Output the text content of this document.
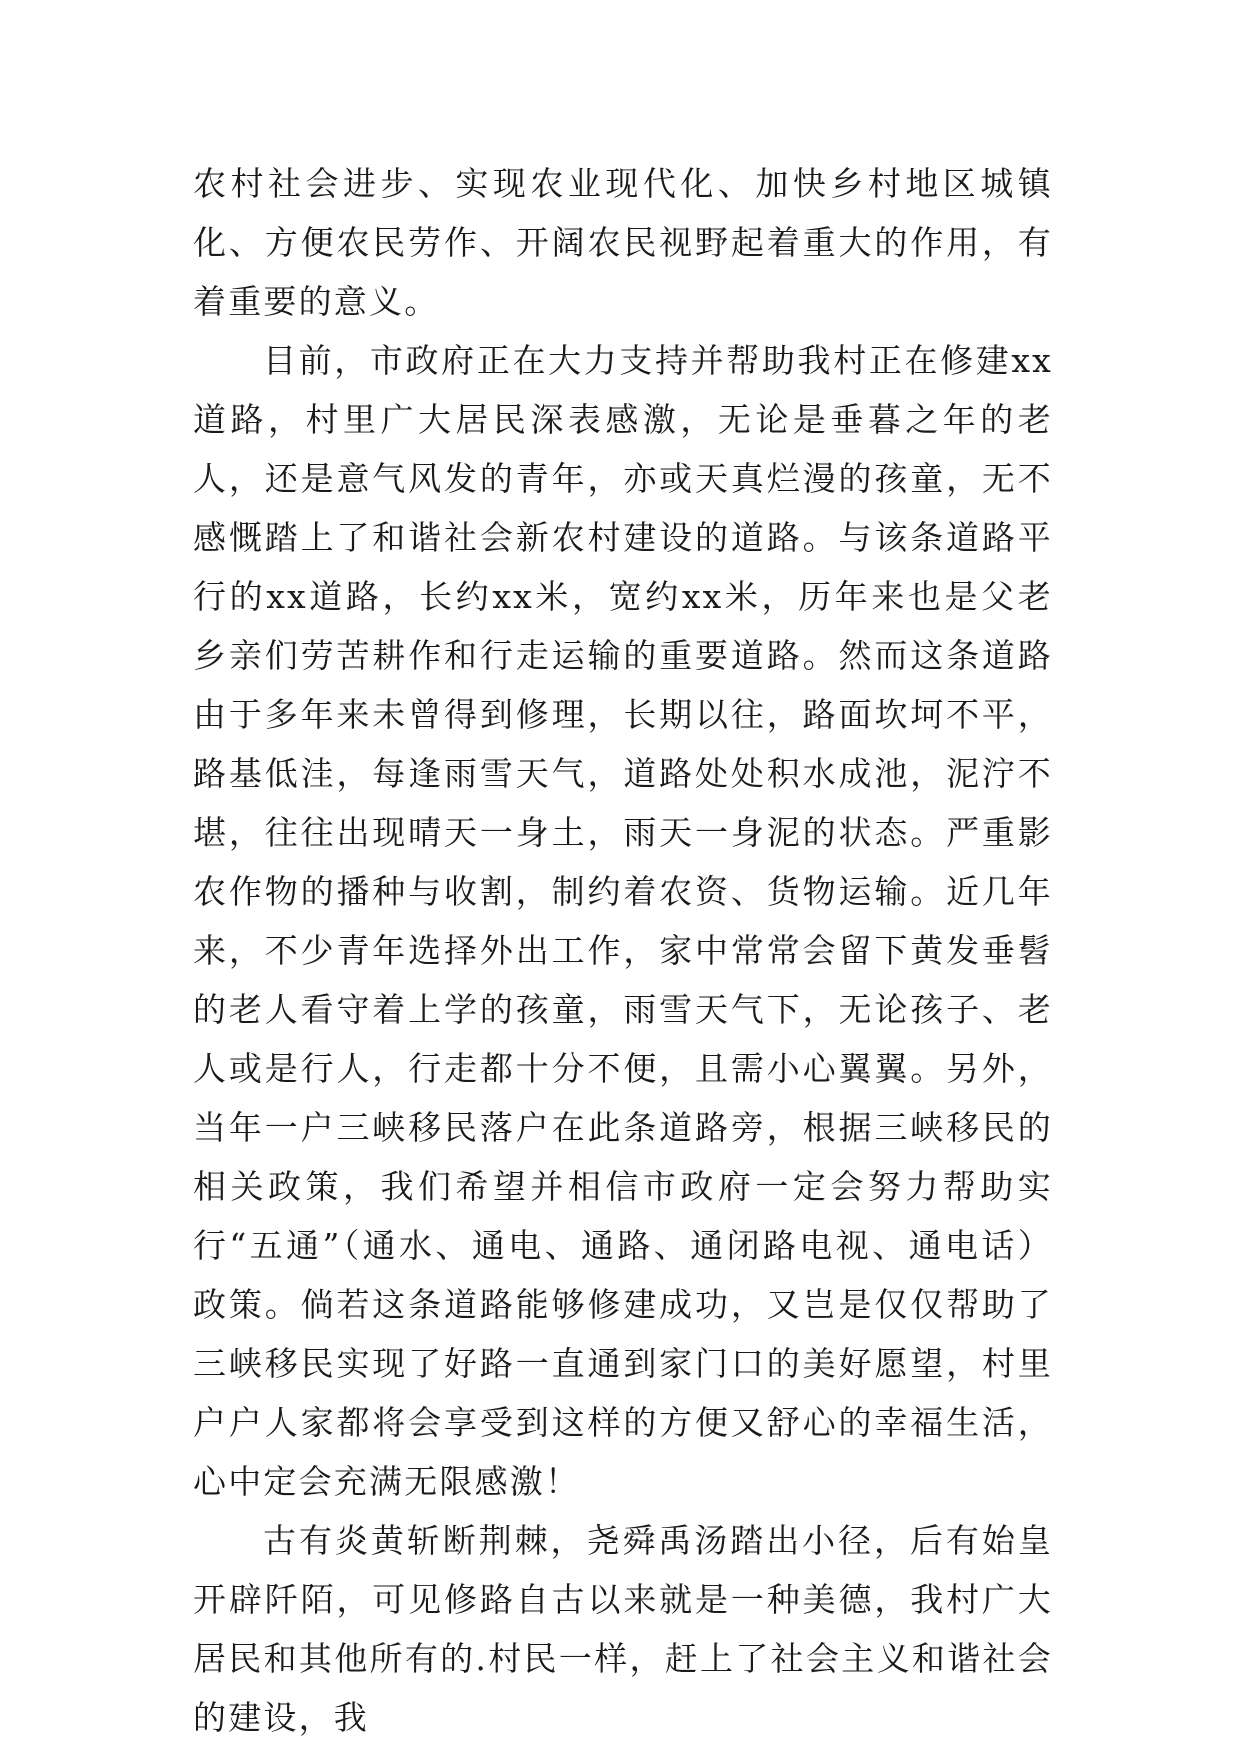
农村社会进步、实现农业现代化、加快乡村地区城镇化、方便农民劳作、开阔农民视野起着重大的作用，有着重要的意义。

目前，市政府正在大力支持并帮助我村正在修建xx道路，村里广大居民深表感激，无论是垂暮之年的老人，还是意气风发的青年，亦或天真烂漫的孩童，无不感慨踏上了和谐社会新农村建设的道路。与该条道路平行的xx道路，长约xx米，宽约xx米，历年来也是父老乡亲们劳苦耕作和行走运输的重要道路。然而这条道路由于多年来未曾得到修理，长期以往，路面坎坷不平，路基低洼，每逢雨雪天气，道路处处积水成池，泥泞不堪，往往出现晴天一身土，雨天一身泥的状态。严重影农作物的播种与收割，制约着农资、货物运输。近几年来，不少青年选择外出工作，家中常常会留下黄发垂髫的老人看守着上学的孩童，雨雪天气下，无论孩子、老人或是行人，行走都十分不便，且需小心翼翼。另外，当年一户三峡移民落户在此条道路旁，根据三峡移民的相关政策，我们希望并相信市政府一定会努力帮助实行“五通”（通水、通电、通路、通闭路电视、通电话）政策。倘若这条道路能够修建成功，又岂是仅仅帮助了三峡移民实现了好路一直通到家门口的美好愿望，村里户户人家都将会享受到这样的方便又舒心的幸福生活，心中定会充满无限感激！

古有炎黄斩断荆棘，尧舜禹汤踏出小径，后有始皇开辟阡陌，可见修路自古以来就是一种美德，我村广大居民和其他所有的.村民一样，赶上了社会主义和谐社会的建设，我
